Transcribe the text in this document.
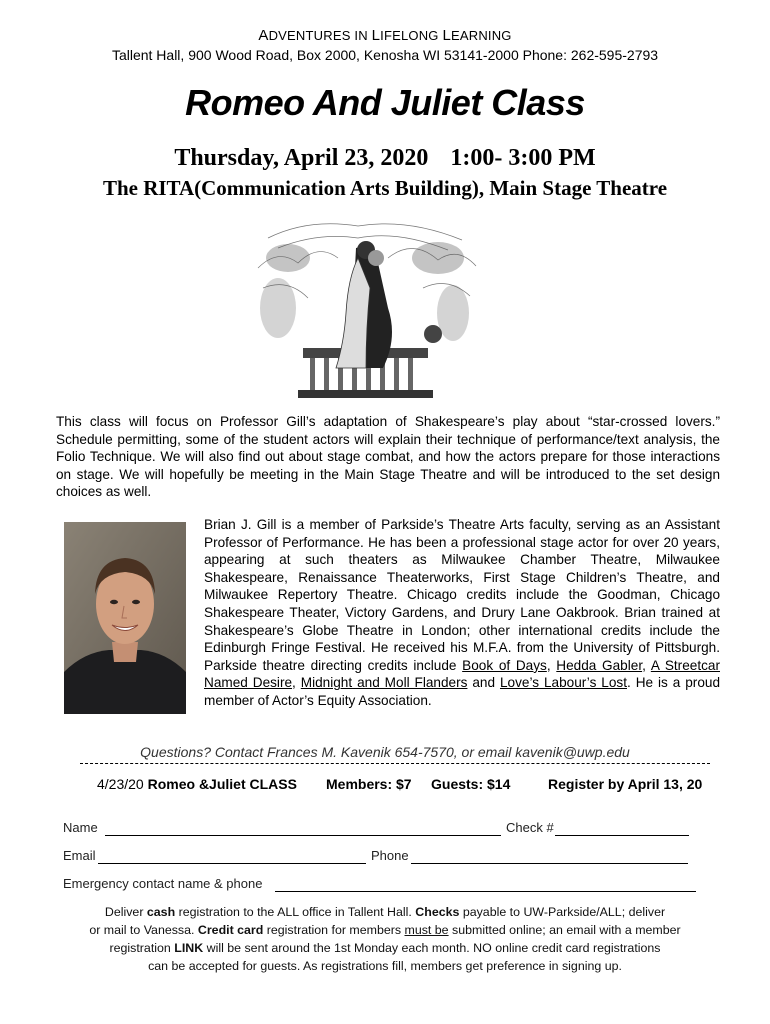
ADVENTURES IN LIFELONG LEARNING
Tallent Hall, 900 Wood Road, Box 2000, Kenosha WI 53141-2000 Phone: 262-595-2793
Romeo And Juliet Class
Thursday, April 23, 2020 1:00- 3:00 PM
The RITA(Communication Arts Building), Main Stage Theatre
This class will focus on Professor Gill’s adaptation of Shakespeare’s play about “star-crossed lovers.” Schedule permitting, some of the student actors will explain their technique of performance/text analysis, the Folio Technique. We will also find out about stage combat, and how the actors prepare for those interactions on stage. We will hopefully be meeting in the Main Stage Theatre and will be introduced to the set design choices as well.
Brian J. Gill is a member of Parkside’s Theatre Arts faculty, serving as an Assistant Professor of Performance. He has been a professional stage actor for over 20 years, appearing at such theaters as Milwaukee Chamber Theatre, Milwaukee Shakespeare, Renaissance Theaterworks, First Stage Children’s Theatre, and Milwaukee Repertory Theatre. Chicago credits include the Goodman, Chicago Shakespeare Theater, Victory Gardens, and Drury Lane Oakbrook. Brian trained at Shakespeare’s Globe Theatre in London; other international credits include the Edinburgh Fringe Festival. He received his M.F.A. from the University of Pittsburgh. Parkside theatre directing credits include Book of Days, Hedda Gabler, A Streetcar Named Desire, Midnight and Moll Flanders and Love’s Labour’s Lost. He is a proud member of Actor’s Equity Association.
Questions? Contact Frances M. Kavenik 654-7570, or email kavenik@uwp.edu
4/23/20 Romeo &Juliet CLASS Members: $7 Guests: $14	Register by April 13, 20
Name	Check #
Email	Phone
Emergency contact name & phone
Deliver cash registration to the ALL office in Tallent Hall. Checks payable to UW-Parkside/ALL; deliver
or mail to Vanessa. Credit card registration for members must be submitted online; an email with a member
registration LINK will be sent around the 1st Monday each month. NO online credit card registrations
can be accepted for guests. As registrations fill, members get preference in signing up.
